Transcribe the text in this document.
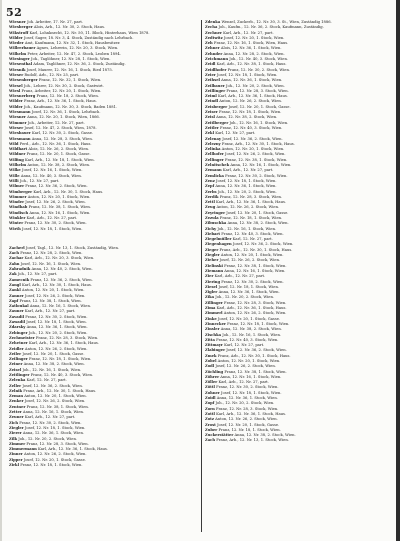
52
Wiesner Joh. Arbeiter, 17. Nr. 27, part.
Wiesberger Alois, Arb., 12. Nr. 30, 2. Stock, Haus.
Wikstroff Karl, Lohnknecht, 12. Nr. 50, 11. Block, Hinterhaus, Wien 1878.
Wilder Josef, Sager, 18. Nr. 3, 4. Stock, Zuständig nach Lehrbach.
Wieder Amt, Kaufmann, 12. Nr. 32, 1. Stock, Hausbesitzer.
Willrerbauer Agnes, Lehrerin, 12. Nr. 20, 3. Stock, Wien.
Wilhelm Peter, Arbeiter, 12. Nr. 47, 2. Stock, Leoben 1894.
Wiesinger Joh., Taglöhner, 12. Nr. 28, 1. Stock, Wien.
Wiesenthal Adam, Taglöhner, 12. Nr. 36, 2. Stock, Zuständig.
Wiesnik Josef, Maurer, 12. Nr. 16, 1. Stock, Ried 1875.
Wieser Rudolf, Arb., 12. Nr. 25, part.
Wiesenberger Franz, 12. Nr. 32, 1. Stock, Wien.
Wiesel Joh., Lehrer, 12. Nr. 30, 2. Stock, Gastwirt.
Wiesl Franz, Arbeiter, 12. Nr. 20, 1. Stock, Wien.
Wiesnerberg Franz, 12. Nr. 18, 2. Stock, Wien.
Wilder Franz, Arb., 12. Nr. 36, 1. Stock, Haus.
Wilder Joh., Kaufmann, 12. Nr. 30, 3. Stock, Baden 1881.
Wiesmann Josef, 12. Nr. 36, 1. Stock, Lehrbach.
Wiesner Anna, 12. Nr. 20, 1. Stock, Wien, 1866.
Wimmer Joh., Arbeiter, 12. Nr. 27, part.
Wieser Josef, 12. Nr. 47, 2. Stock, Wien, 1878.
Wiesbauer Karl, 12. Nr. 30, 2. Stock, Gasse.
Wiesmann Anna, 12. Nr. 28, 3. Stock, Wien.
Wild Ferd., Arb., 12. Nr. 36, 1. Stock, Haus.
Wildhart Alois, 12. Nr. 26, 2. Stock, Wien.
Wildner Franz, 12. Nr. 20, 1. Stock, Gasse.
Wilfing Karl, Arb., 12. Nr. 18, 1. Stock, Wien.
Wilhelm Anton, 12. Nr. 38, 2. Stock, Wien.
Wilke Josef, 12. Nr. 16, 1. Stock, Wien.
Wille Anna, 12. Nr. 40, 3. Stock, Wien.
Willi Joh., 12. Nr. 27, part.
Wilmer Franz, 12. Nr. 36, 2. Stock, Wien.
Wimberger Karl, Arb., 12. Nr. 30, 1. Stock, Haus.
Wimmer Anton, 12. Nr. 20, 1. Stock, Wien.
Winder Josef, 12. Nr. 26, 2. Stock, Wien.
Windhab Franz, 12. Nr. 38, 1. Stock, Wien.
Windisch Anna, 12. Nr. 16, 1. Stock, Wien.
Winkler Karl, Arb., 12. Nr. 27, part.
Winter Franz, 12. Nr. 30, 2. Stock, Wien.
Wirth Josef, 12. Nr. 18, 1. Stock, Wien.
Zacherl Josef, Tagl., 12. Nr. 13, 1. Stock, Zuständig, Wien.
Zach Franz, 12. Nr. 28, 2. Stock, Wien.
Zachar Karl, Arb., 12. Nr. 20, 3. Stock, Wien.
Zahn Josef, 12. Nr. 16, 1. Stock, Wien.
Zahradnik Anna, 12. Nr. 40, 2. Stock, Wien.
Zak Joh., 12. Nr. 27, part.
Zamecnik Franz, 12. Nr. 36, 2. Stock, Wien.
Zangl Karl, Arb., 12. Nr. 30, 1. Stock, Haus.
Zankl Anton, 12. Nr. 20, 1. Stock, Wien.
Zanner Josef, 12. Nr. 26, 2. Stock, Wien.
Zapf Franz, 12. Nr. 38, 1. Stock, Wien.
Zatloukal Anna, 12. Nr. 16, 1. Stock, Wien.
Zauner Karl, Arb., 12. Nr. 27, part.
Zavadil Franz, 12. Nr. 30, 2. Stock, Wien.
Zawadil Josef, 12. Nr. 18, 1. Stock, Wien.
Zdarsky Anna, 12. Nr. 36, 1. Stock, Wien.
Zebinger Joh., 12. Nr. 20, 2. Stock, Wien.
Zechmeister Franz, 12. Nr. 28, 3. Stock, Wien.
Zehetner Karl, Arb., 12. Nr. 36, 1. Stock, Haus.
Zeidler Anton, 12. Nr. 26, 2. Stock, Wien.
Zeiler Josef, 12. Nr. 20, 1. Stock, Gasse.
Zeilinger Franz, 12. Nr. 18, 1. Stock, Wien.
Zeiner Anna, 12. Nr. 38, 2. Stock, Wien.
Zeisel Joh., 12. Nr. 16, 1. Stock, Wien.
Zeitlinger Franz, 12. Nr. 40, 3. Stock, Wien.
Zelenka Karl, 12. Nr. 27, part.
Zeller Josef, 12. Nr. 36, 2. Stock, Wien.
Zelnik Franz, Arb., 12. Nr. 30, 1. Stock, Haus.
Zeman Anton, 12. Nr. 20, 1. Stock, Wien.
Zenker Josef, 12. Nr. 26, 2. Stock, Wien.
Zentner Franz, 12. Nr. 38, 1. Stock, Wien.
Zetter Anna, 12. Nr. 16, 1. Stock, Wien.
Zeuner Karl, Arb., 12. Nr. 27, part.
Zich Franz, 12. Nr. 30, 2. Stock, Wien.
Ziegler Josef, 12. Nr. 18, 1. Stock, Wien.
Zierer Anna, 12. Nr. 36, 1. Stock, Wien.
Zilk Joh., 12. Nr. 20, 2. Stock, Wien.
Zimmer Franz, 12. Nr. 28, 3. Stock, Wien.
Zimmermann Karl, Arb., 12. Nr. 36, 1. Stock, Haus.
Zinner Anton, 12. Nr. 26, 2. Stock, Wien.
Zipper Josef, 12. Nr. 20, 1. Stock, Gasse.
Zirkl Franz, 12. Nr. 18, 1. Stock, Wien.
Zdenka Wenzel, Zuckerb., 12. Nr. 30, 3. St., Wien, Zuständig 1886.
Zecha Joh., Kaufm., 12. Nr. 36, 2. Stock, Kaufmann, Zuständig.
Zechner Karl, Arb., 12. Nr. 27, part.
Zedtwitz Josef, 12. Nr. 20, 1. Stock, Wien.
Zeh Franz, 12. Nr. 16, 1. Stock, Wien, Haus.
Zehner Alois, 12. Nr. 36, 1. Stock, Wien.
Zehnder Anna, 12. Nr. 28, 2. Stock, Wien.
Zeichmann Joh., 12. Nr. 40, 3. Stock, Wien.
Zeidl Karl, Arb., 12. Nr. 38, 1. Stock, Haus.
Zeidlhofer Franz, 12. Nr. 30, 2. Stock, Wien.
Zeier Josef, 12. Nr. 18, 1. Stock, Wien.
Zeihsel Anna, 12. Nr. 36, 1. Stock, Wien.
Zeilbauer Joh., 12. Nr. 20, 2. Stock, Wien.
Zeillinger Franz, 12. Nr. 28, 3. Stock, Wien.
Zeiml Karl, Arb., 12. Nr. 36, 1. Stock, Haus.
Zeindl Anton, 12. Nr. 26, 2. Stock, Wien.
Zeisberger Josef, 12. Nr. 20, 1. Stock, Gasse.
Zeiser Franz, 12. Nr. 18, 1. Stock, Wien.
Zeisl Anna, 12. Nr. 38, 2. Stock, Wien.
Zeitlberger Joh., 12. Nr. 16, 1. Stock, Wien.
Zeitler Franz, 12. Nr. 40, 3. Stock, Wien.
Zekl Karl, 12. Nr. 27, part.
Zelenay Josef, 12. Nr. 36, 2. Stock, Wien.
Zelezny Franz, Arb., 12. Nr. 30, 1. Stock, Haus.
Zelinka Anton, 12. Nr. 20, 1. Stock, Wien.
Zellhofer Josef, 12. Nr. 26, 2. Stock, Wien.
Zellinger Franz, 12. Nr. 38, 1. Stock, Wien.
Zelnitschek Anna, 12. Nr. 16, 1. Stock, Wien.
Zemann Karl, Arb., 12. Nr. 27, part.
Zemlicka Franz, 12. Nr. 30, 2. Stock, Wien.
Zenz Josef, 12. Nr. 18, 1. Stock, Wien.
Zepf Anna, 12. Nr. 36, 1. Stock, Wien.
Zerbs Joh., 12. Nr. 20, 2. Stock, Wien.
Zerdik Franz, 12. Nr. 28, 3. Stock, Wien.
Zettl Karl, Arb., 12. Nr. 36, 1. Stock, Haus.
Zeug Anton, 12. Nr. 26, 2. Stock, Wien.
Zeyringer Josef, 12. Nr. 20, 1. Stock, Gasse.
Zezula Franz, 12. Nr. 18, 1. Stock, Wien.
Zibuschka Anna, 12. Nr. 38, 2. Stock, Wien.
Zichy Joh., 12. Nr. 16, 1. Stock, Wien.
Ziebart Franz, 12. Nr. 40, 3. Stock, Wien.
Ziegelmüller Karl, 12. Nr. 27, part.
Ziegenhagen Josef, 12. Nr. 36, 2. Stock, Wien.
Zieger Franz, Arb., 12. Nr. 30, 1. Stock, Haus.
Ziegler Anton, 12. Nr. 20, 1. Stock, Wien.
Zieher Josef, 12. Nr. 26, 2. Stock, Wien.
Zielinski Franz, 12. Nr. 38, 1. Stock, Wien.
Ziemann Anna, 12. Nr. 16, 1. Stock, Wien.
Zier Karl, Arb., 12. Nr. 27, part.
Ziering Franz, 12. Nr. 30, 2. Stock, Wien.
Ziesel Josef, 12. Nr. 18, 1. Stock, Wien.
Zigler Anna, 12. Nr. 36, 1. Stock, Wien.
Zika Joh., 12. Nr. 20, 2. Stock, Wien.
Zillinger Franz, 12. Nr. 28, 3. Stock, Wien.
Zima Karl, Arb., 12. Nr. 36, 1. Stock, Haus.
Zimmerl Anton, 12. Nr. 26, 2. Stock, Wien.
Zinke Josef, 12. Nr. 20, 1. Stock, Gasse.
Zinnecker Franz, 12. Nr. 18, 1. Stock, Wien.
Zinsler Anna, 12. Nr. 38, 2. Stock, Wien.
Zischka Joh., 12. Nr. 16, 1. Stock, Wien.
Zitta Franz, 12. Nr. 40, 3. Stock, Wien.
Zittmayr Karl, 12. Nr. 27, part.
Zlabinger Josef, 12. Nr. 36, 2. Stock, Wien.
Zmek Franz, Arb., 12. Nr. 30, 1. Stock, Haus.
Zobel Anton, 12. Nr. 20, 1. Stock, Wien.
Zodl Josef, 12. Nr. 26, 2. Stock, Wien.
Zöchling Franz, 12. Nr. 38, 1. Stock, Wien.
Zöhrer Anna, 12. Nr. 16, 1. Stock, Wien.
Zöller Karl, Arb., 12. Nr. 27, part.
Zöttl Franz, 12. Nr. 30, 2. Stock, Wien.
Zohner Josef, 12. Nr. 18, 1. Stock, Wien.
Zoidl Anna, 12. Nr. 36, 1. Stock, Wien.
Zopf Joh., 12. Nr. 20, 2. Stock, Wien.
Zorn Franz, 12. Nr. 28, 3. Stock, Wien.
Zottl Karl, Arb., 12. Nr. 36, 1. Stock, Haus.
Zotz Anton, 12. Nr. 26, 2. Stock, Wien.
Zrost Josef, 12. Nr. 20, 1. Stock, Gasse.
Zuber Franz, 12. Nr. 18, 1. Stock, Wien.
Zuckerstätter Anna, 12. Nr. 38, 2. Stock, Wien.
Zach Franz, Arb., 12. Nr. 13, 1. Stock, Wien.
